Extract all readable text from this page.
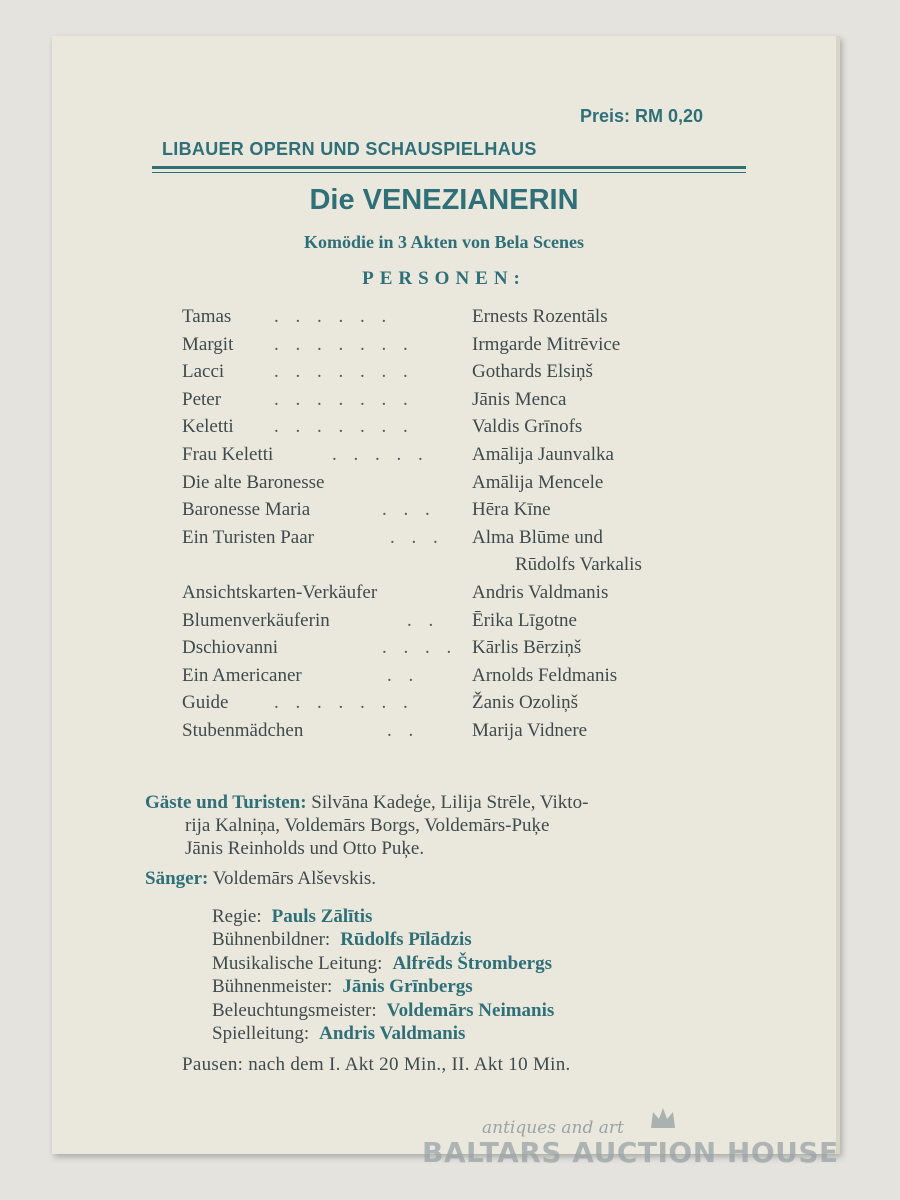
Preis: RM 0,20
LIBAUER OPERN UND SCHAUSPIELHAUS
Die VENEZIANERIN
Komödie in 3 Akten von Bela Scenes
PERSONEN:
Tamas . . . . . .	Ernests Rozentāls
Margit . . . . . . .	Irmgarde Mitrēvice
Lacci	. . . . . . .	Gothards Elsiņš
Peter	. . . . . . .	Jānis Menca
Keletti . . . . . . .	Valdis Grīnofs
Frau Keletti	. . . . . Amālija Jaunvalka
Die alte Baronesse	Amālija Mencele
Baronesse Maria	. . . Hēra Kīne
Ein Turisten Paar	. . . Alma Blūme und
Rūdolfs Varkalis
Ansichtskarten-Verkäufer	Andris Valdmanis
Blumenverkäuferin	. . Ērika Līgotne
Dschiovanni	. . . . Kārlis Bērziņš
Ein Americaner	. .	Arnolds Feldmanis
Guide . . . . . . .	Žanis Ozoliņš
Stubenmädchen	. .	Marija Vidnere
Gäste und Turisten: Silvāna Kadeģe, Lilija Strēle, Vikto-
rija Kalniņa, Voldemārs Borgs, Voldemārs-Puķe
Jānis Reinholds und Otto Puķe.
Sänger: Voldemārs Alševskis.
Regie: Pauls Zālītis
Bühnenbildner: Rūdolfs Pīlādzis
Musikalische Leitung: Alfrēds Štrombergs
Bühnenmeister: Jānis Grīnbergs
Beleuchtungsmeister: Voldemārs Neimanis
Spielleitung: Andris Valdmanis
Pausen: nach dem I. Akt 20 Min., II. Akt 10 Min.
antiques and art
BALTARS AUCTION HOUSE
